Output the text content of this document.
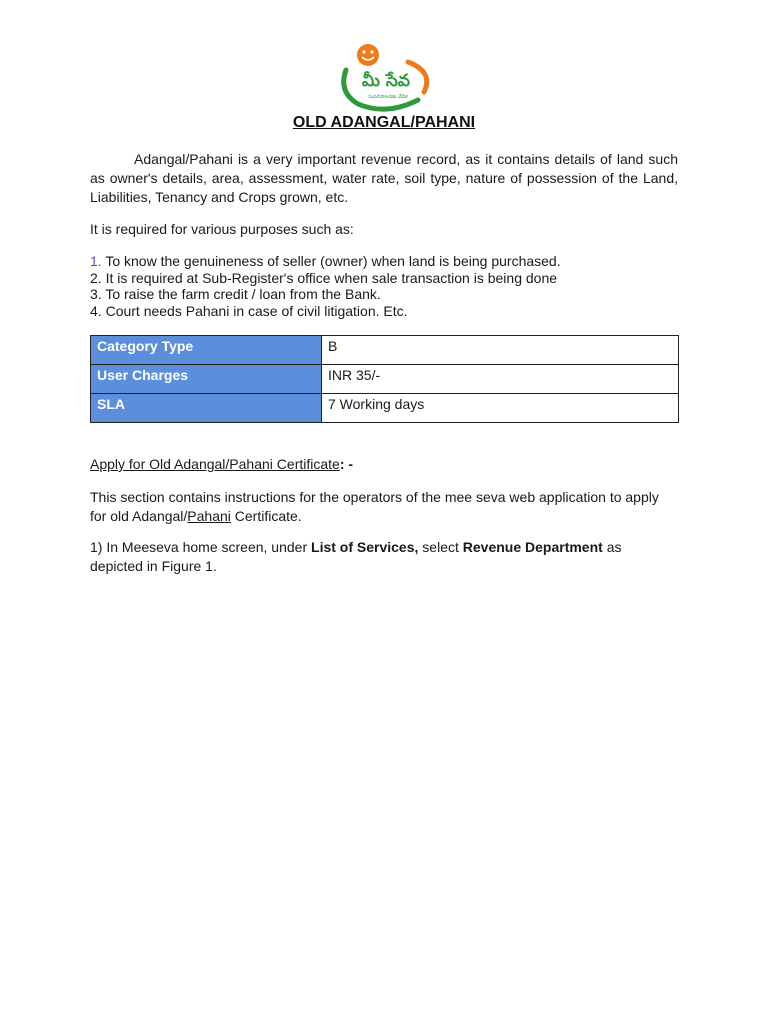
మీ సేవ
సుపరిపాలనకు వేదిక
OLD ADANGAL/PAHANI
Adangal/Pahani is a very important revenue record, as it contains details of land such as owner's details, area, assessment, water rate, soil type, nature of possession of the Land, Liabilities, Tenancy and Crops grown, etc.
It is required for various purposes such as:
1. To know the genuineness of seller (owner) when land is being purchased.
2. It is required at Sub-Register's office when sale transaction is being done
3. To raise the farm credit / loan from the Bank.
4. Court needs Pahani in case of civil litigation. Etc.
Category Type	B
User Charges	INR 35/-
SLA	7 Working days
Apply for Old Adangal/Pahani Certificate: -
This section contains instructions for the operators of the mee seva web application to apply for old Adangal/Pahani Certificate.
1) In Meeseva home screen, under List of Services, select Revenue Department as depicted in Figure 1.
